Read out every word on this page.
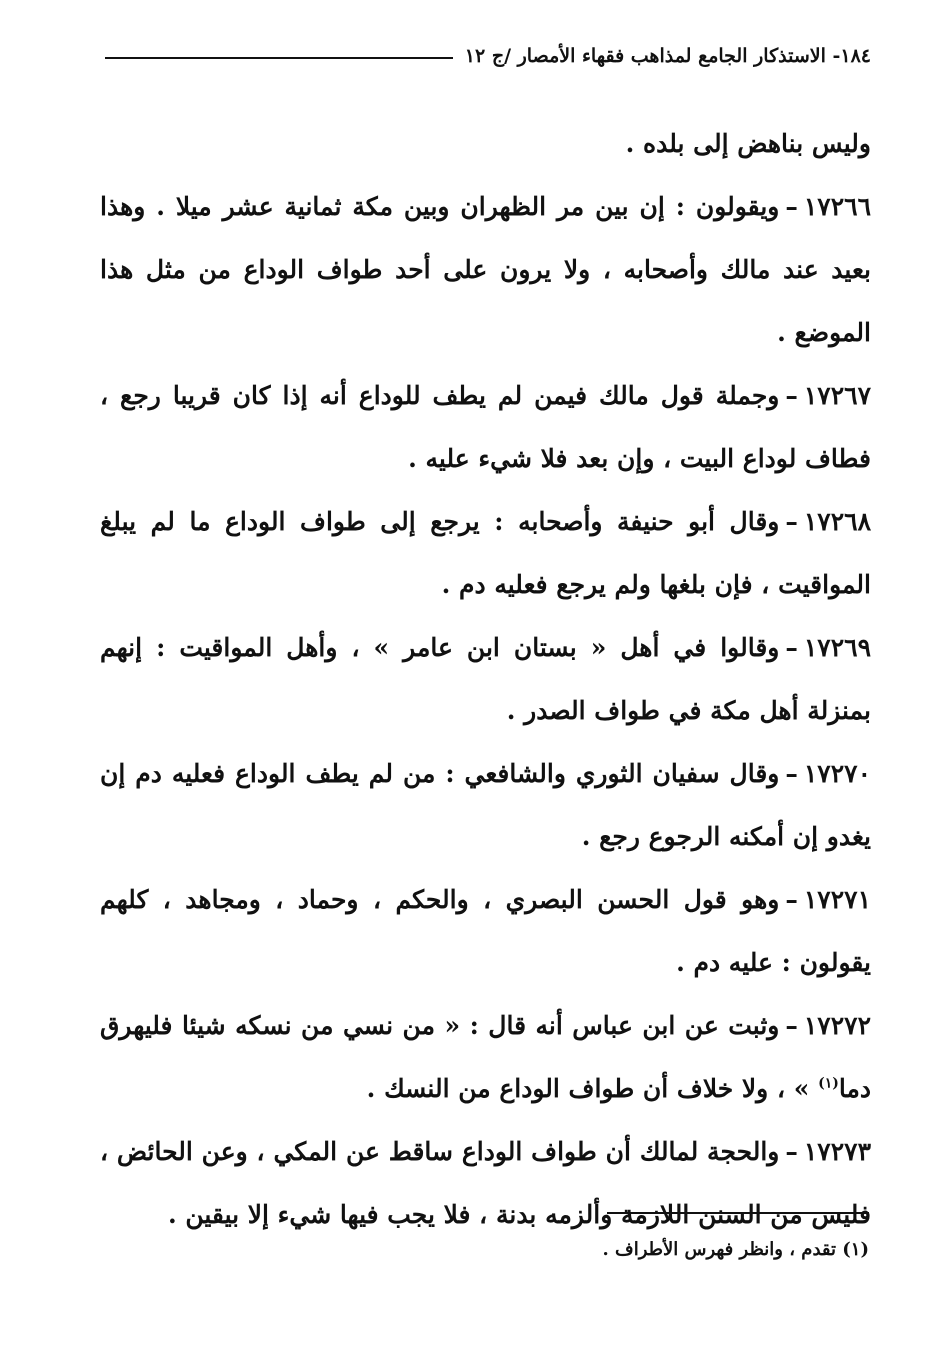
١٨٤- الاستذكار الجامع لمذاهب فقهاء الأمصار /ج ١٢

وليس بناهض إلى بلده .

١٧٢٦٦–ويقولون : إن بين مر الظهران وبين مكة ثمانية عشر ميلا . وهذا بعيد عند مالك وأصحابه ، ولا يرون على أحد طواف الوداع من مثل هذا الموضع .

١٧٢٦٧–وجملة قول مالك فيمن لم يطف للوداع أنه إذا كان قريبا رجع ، فطاف لوداع البيت ، وإن بعد فلا شيء عليه .

١٧٢٦٨–وقال أبو حنيفة وأصحابه : يرجع إلى طواف الوداع ما لم يبلغ المواقيت ، فإن بلغها ولم يرجع فعليه دم .

١٧٢٦٩–وقالوا في أهل « بستان ابن عامر » ، وأهل المواقيت : إنهم بمنزلة أهل مكة في طواف الصدر .

١٧٢٧٠–وقال سفيان الثوري والشافعي : من لم يطف الوداع فعليه دم إن يغدو إن أمكنه الرجوع رجع .

١٧٢٧١–وهو قول الحسن البصري ، والحكم ، وحماد ، ومجاهد ، كلهم يقولون : عليه دم .

١٧٢٧٢–وثبت عن ابن عباس أنه قال : « من نسي من نسكه شيئا فليهرق دما$^{(١)}$ » ، ولا خلاف أن طواف الوداع من النسك .

١٧٢٧٣–والحجة لمالك أن طواف الوداع ساقط عن المكي ، وعن الحائض ، فليس من السنن اللازمة وألزمه بدنة ، فلا يجب فيها شيء إلا بيقين .

(١) تقدم ، وانظر فهرس الأطراف .
